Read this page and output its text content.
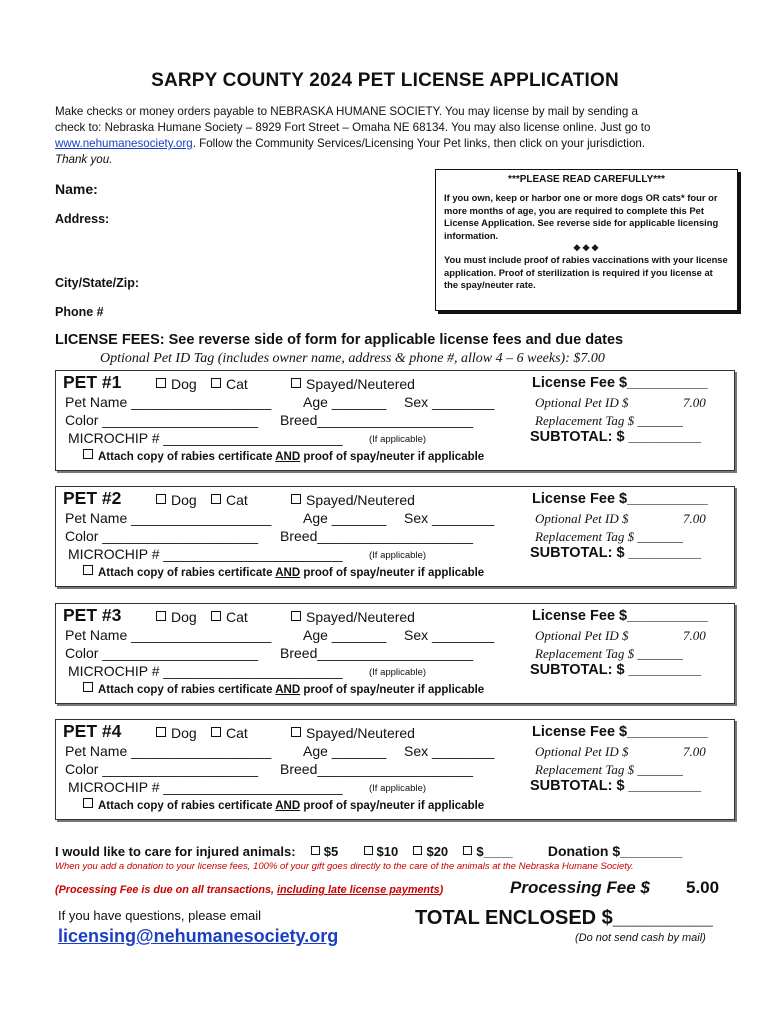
SARPY COUNTY 2024 PET LICENSE APPLICATION
Make checks or money orders payable to NEBRASKA HUMANE SOCIETY. You may license by mail by sending a
check to: Nebraska Humane Society – 8929 Fort Street – Omaha NE 68134. You may also license online. Just go to
www.nehumanesociety.org. Follow the Community Services/Licensing Your Pet links, then click on your jurisdiction.
Thank you.
Name:
Address:
City/State/Zip:
Phone #
***PLEASE READ CAREFULLY***
If you own, keep or harbor one or more dogs OR cats* four or more months of age, you are required to complete this Pet License Application. See reverse side for applicable licensing information.
❖❖❖
You must include proof of rabies vaccinations with your license application. Proof of sterilization is required if you license at the spay/neuter rate.
LICENSE FEES: See reverse side of form for applicable license fees and due dates
Optional Pet ID Tag (includes owner name, address & phone #, allow 4 – 6 weeks): $7.00
PET #1	Dog	Cat	Spayed/Neutered	License Fee $__________
Pet Name __________________ Age _______ Sex ________	Optional Pet ID $	7.00
Color ____________________ Breed____________________	Replacement Tag $ _______
MICROCHIP # _______________________	(If applicable)	SUBTOTAL: $ _________
Attach copy of rabies certificate AND proof of spay/neuter if applicable
PET #2	Dog	Cat	Spayed/Neutered	License Fee $__________
Pet Name __________________ Age _______ Sex ________	Optional Pet ID $	7.00
Color ____________________ Breed____________________	Replacement Tag $ _______
MICROCHIP # _______________________	(If applicable)	SUBTOTAL: $ _________
Attach copy of rabies certificate AND proof of spay/neuter if applicable
PET #3	Dog	Cat	Spayed/Neutered	License Fee $__________
Pet Name __________________ Age _______ Sex ________	Optional Pet ID $	7.00
Color ____________________ Breed____________________	Replacement Tag $ _______
MICROCHIP # _______________________	(If applicable)	SUBTOTAL: $ _________
Attach copy of rabies certificate AND proof of spay/neuter if applicable
PET #4	Dog	Cat	Spayed/Neutered	License Fee $__________
Pet Name __________________ Age _______ Sex ________	Optional Pet ID $	7.00
Color ____________________ Breed____________________	Replacement Tag $ _______
MICROCHIP # _______________________	(If applicable)	SUBTOTAL: $ _________
Attach copy of rabies certificate AND proof of spay/neuter if applicable
I would like to care for injured animals:  $5	$10 $20 $____	Donation $________
When you add a donation to your license fees, 100% of your gift goes directly to the care of the animals at the Nebraska Humane Society.
(Processing Fee is due on all transactions, including late license payments)	Processing Fee $ 5.00
If you have questions, please email
licensing@nehumanesociety.org
TOTAL ENCLOSED $_________
(Do not send cash by mail)
